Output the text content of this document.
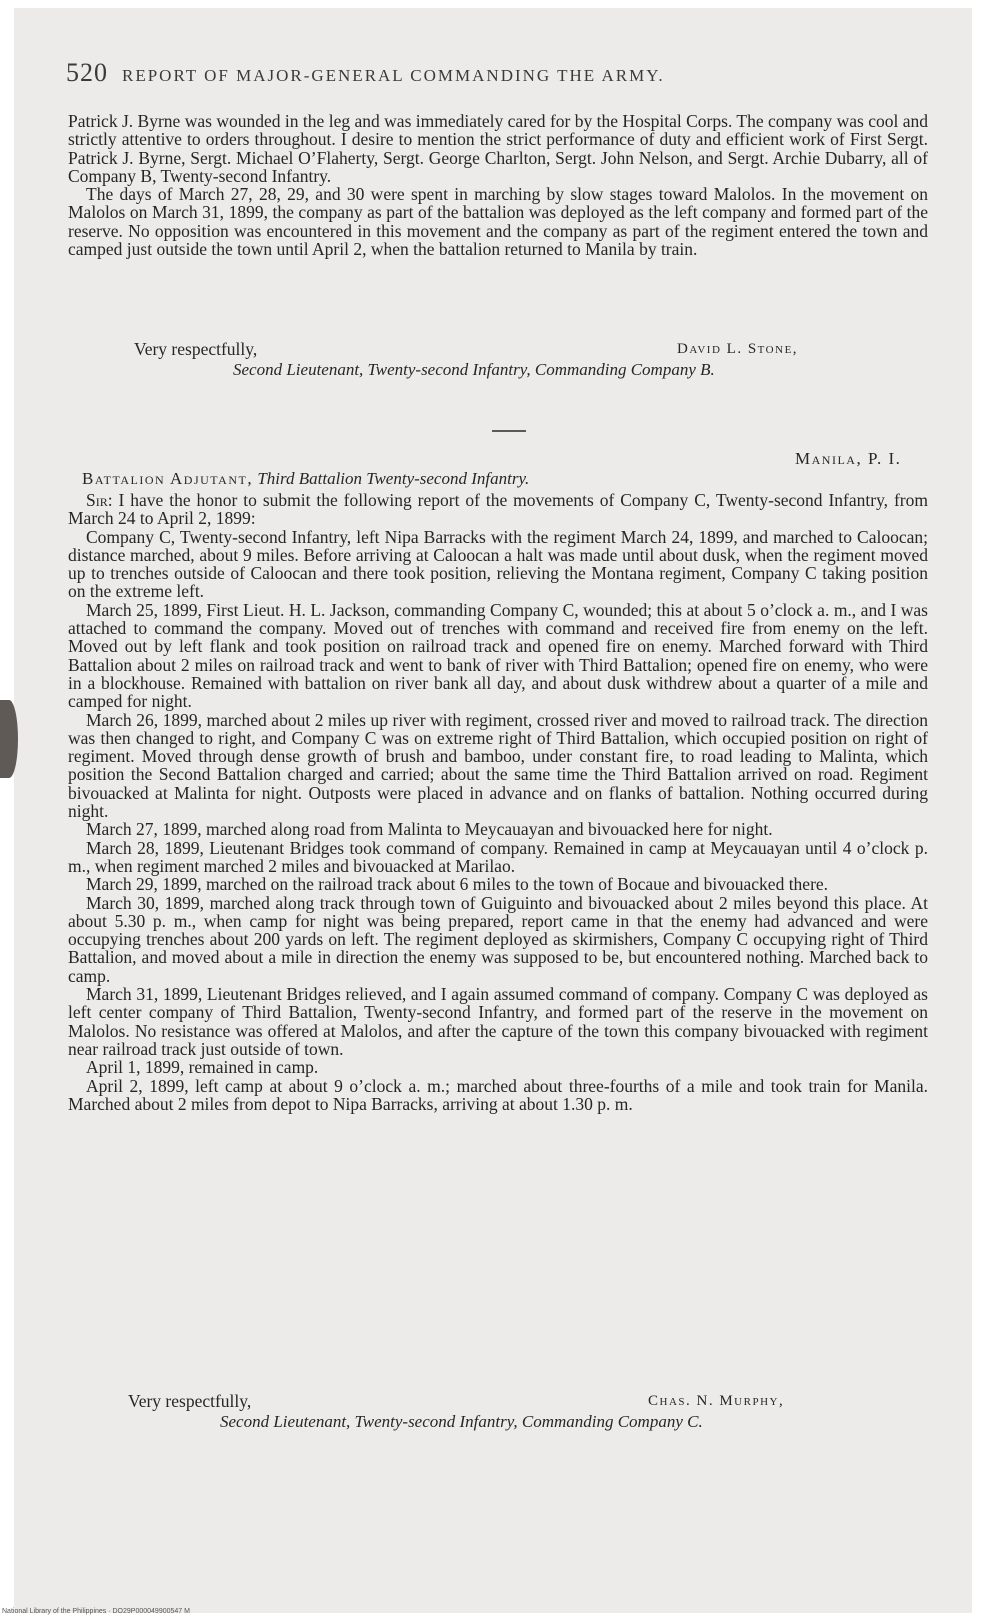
520 REPORT OF MAJOR-GENERAL COMMANDING THE ARMY.

Patrick J. Byrne was wounded in the leg and was immediately cared for by the Hospital Corps. The company was cool and strictly attentive to orders throughout. I desire to mention the strict performance of duty and efficient work of First Sergt. Patrick J. Byrne, Sergt. Michael O’Flaherty, Sergt. George Charlton, Sergt. John Nelson, and Sergt. Archie Dubarry, all of Company B, Twenty-second Infantry.

The days of March 27, 28, 29, and 30 were spent in marching by slow stages toward Malolos. In the movement on Malolos on March 31, 1899, the company as part of the battalion was deployed as the left company and formed part of the reserve. No opposition was encountered in this movement and the company as part of the regiment entered the town and camped just outside the town until April 2, when the battalion returned to Manila by train.

Very respectfully,	David L. Stone,
Second Lieutenant, Twenty-second Infantry, Commanding Company B.
Manila, P. I.
Battalion Adjutant, Third Battalion Twenty-second Infantry.

Sir: I have the honor to submit the following report of the movements of Company C, Twenty-second Infantry, from March 24 to April 2, 1899:

Company C, Twenty-second Infantry, left Nipa Barracks with the regiment March 24, 1899, and marched to Caloocan; distance marched, about 9 miles. Before arriving at Caloocan a halt was made until about dusk, when the regiment moved up to trenches outside of Caloocan and there took position, relieving the Montana regiment, Company C taking position on the extreme left.

March 25, 1899, First Lieut. H. L. Jackson, commanding Company C, wounded; this at about 5 o’clock a. m., and I was attached to command the company. Moved out of trenches with command and received fire from enemy on the left. Moved out by left flank and took position on railroad track and opened fire on enemy. Marched forward with Third Battalion about 2 miles on railroad track and went to bank of river with Third Battalion; opened fire on enemy, who were in a blockhouse. Remained with battalion on river bank all day, and about dusk withdrew about a quarter of a mile and camped for night.

March 26, 1899, marched about 2 miles up river with regiment, crossed river and moved to railroad track. The direction was then changed to right, and Company C was on extreme right of Third Battalion, which occupied position on right of regiment. Moved through dense growth of brush and bamboo, under constant fire, to road leading to Malinta, which position the Second Battalion charged and carried; about the same time the Third Battalion arrived on road. Regiment bivouacked at Malinta for night. Outposts were placed in advance and on flanks of battalion. Nothing occurred during night.

March 27, 1899, marched along road from Malinta to Meycauayan and bivouacked here for night.

March 28, 1899, Lieutenant Bridges took command of company. Remained in camp at Meycauayan until 4 o’clock p. m., when regiment marched 2 miles and bivouacked at Marilao.

March 29, 1899, marched on the railroad track about 6 miles to the town of Bocaue and bivouacked there.

March 30, 1899, marched along track through town of Guiguinto and bivouacked about 2 miles beyond this place. At about 5.30 p. m., when camp for night was being prepared, report came in that the enemy had advanced and were occupying trenches about 200 yards on left. The regiment deployed as skirmishers, Company C occupying right of Third Battalion, and moved about a mile in direction the enemy was supposed to be, but encountered nothing. Marched back to camp.

March 31, 1899, Lieutenant Bridges relieved, and I again assumed command of company. Company C was deployed as left center company of Third Battalion, Twenty-second Infantry, and formed part of the reserve in the movement on Malolos. No resistance was offered at Malolos, and after the capture of the town this company bivouacked with regiment near railroad track just outside of town.

April 1, 1899, remained in camp.

April 2, 1899, left camp at about 9 o’clock a. m.; marched about three-fourths of a mile and took train for Manila. Marched about 2 miles from depot to Nipa Barracks, arriving at about 1.30 p. m.

Very respectfully,	Chas. N. Murphy,
Second Lieutenant, Twenty-second Infantry, Commanding Company C.
National Library of the Philippines · DO29P000049900547 M
